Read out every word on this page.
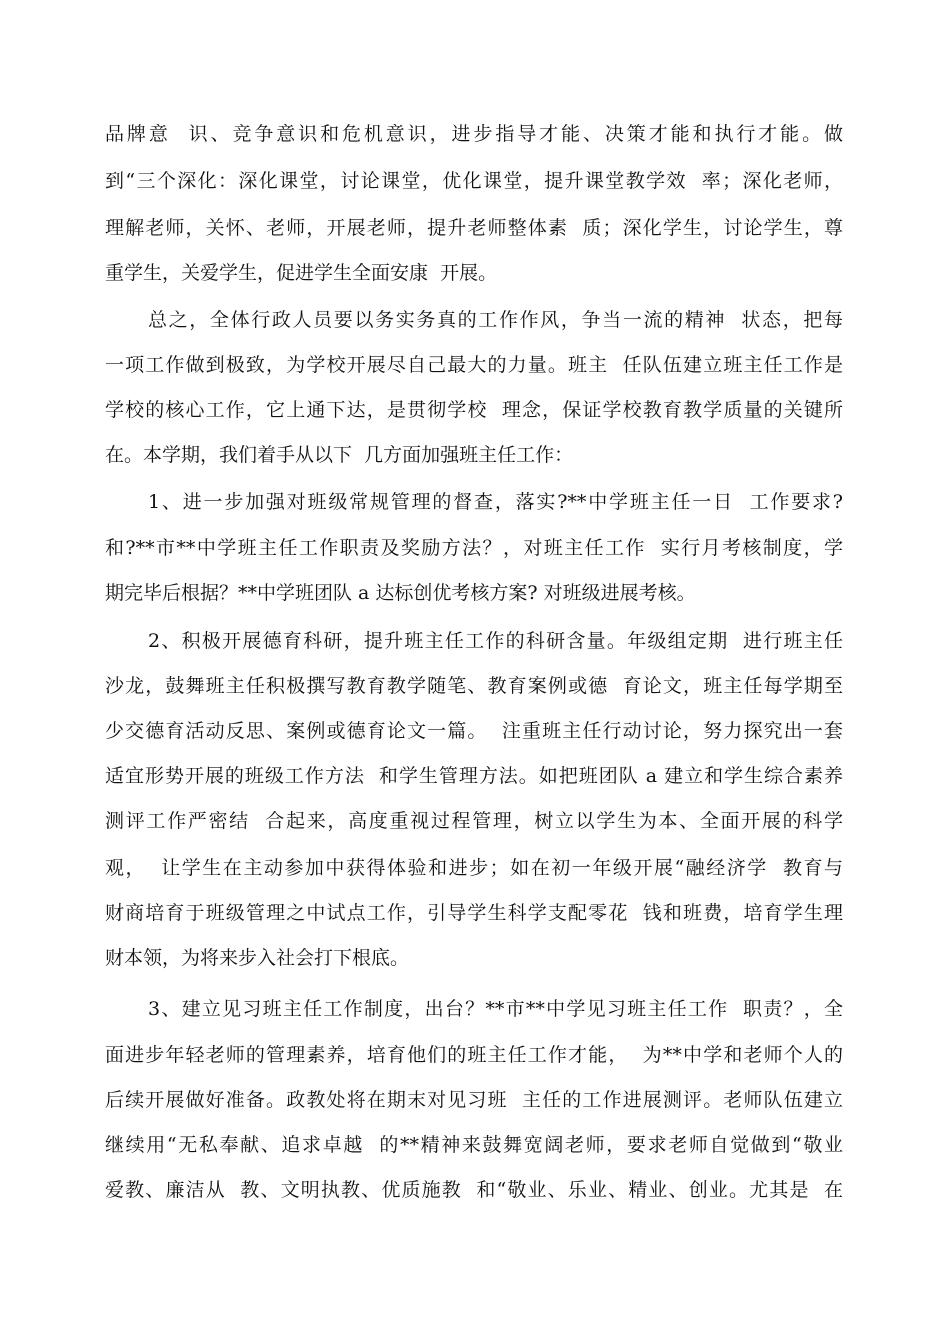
品牌意  识、竞争意识和危机意识，进步指导才能、决策才能和执行才能。做
到“三个深化：深化课堂，讨论课堂，优化课堂，提升课堂教学效  率；深化老师，
理解老师，关怀、老师，开展老师，提升老师整体素  质；深化学生，讨论学生，尊
重学生，关爱学生，促进学生全面安康  开展。
总之，全体行政人员要以务实务真的工作作风，争当一流的精神  状态，把每
一项工作做到极致，为学校开展尽自己最大的力量。班主  任队伍建立班主任工作是
学校的核心工作，它上通下达，是贯彻学校  理念，保证学校教育教学质量的关键所
在。本学期，我们着手从以下  几方面加强班主任工作：
1、进一步加强对班级常规管理的督查，落实?**中学班主任一日  工作要求?
和?**市**中学班主任工作职责及奖励方法？，对班主任工作  实行月考核制度，学
期完毕后根据？**中学班团队 a 达标创优考核方案? 对班级进展考核。
2、积极开展德育科研，提升班主任工作的科研含量。年级组定期  进行班主任
沙龙，鼓舞班主任积极撰写教育教学随笔、教育案例或德  育论文，班主任每学期至
少交德育活动反思、案例或德育论文一篇。  注重班主任行动讨论，努力探究出一套
适宜形势开展的班级工作方法  和学生管理方法。如把班团队 a 建立和学生综合素养
测评工作严密结  合起来，高度重视过程管理，树立以学生为本、全面开展的科学
观，  让学生在主动参加中获得体验和进步；如在初一年级开展“融经济学  教育与
财商培育于班级管理之中试点工作，引导学生科学支配零花  钱和班费，培育学生理
财本领，为将来步入社会打下根底。
3、建立见习班主任工作制度，出台？**市**中学见习班主任工作  职责？，全
面进步年轻老师的管理素养，培育他们的班主任工作才能，  为**中学和老师个人的
后续开展做好准备。政教处将在期末对见习班  主任的工作进展测评。老师队伍建立
继续用“无私奉献、追求卓越  的**精神来鼓舞宽阔老师，要求老师自觉做到“敬业
爱教、廉洁从  教、文明执教、优质施教  和“敬业、乐业、精业、创业。尤其是  在
